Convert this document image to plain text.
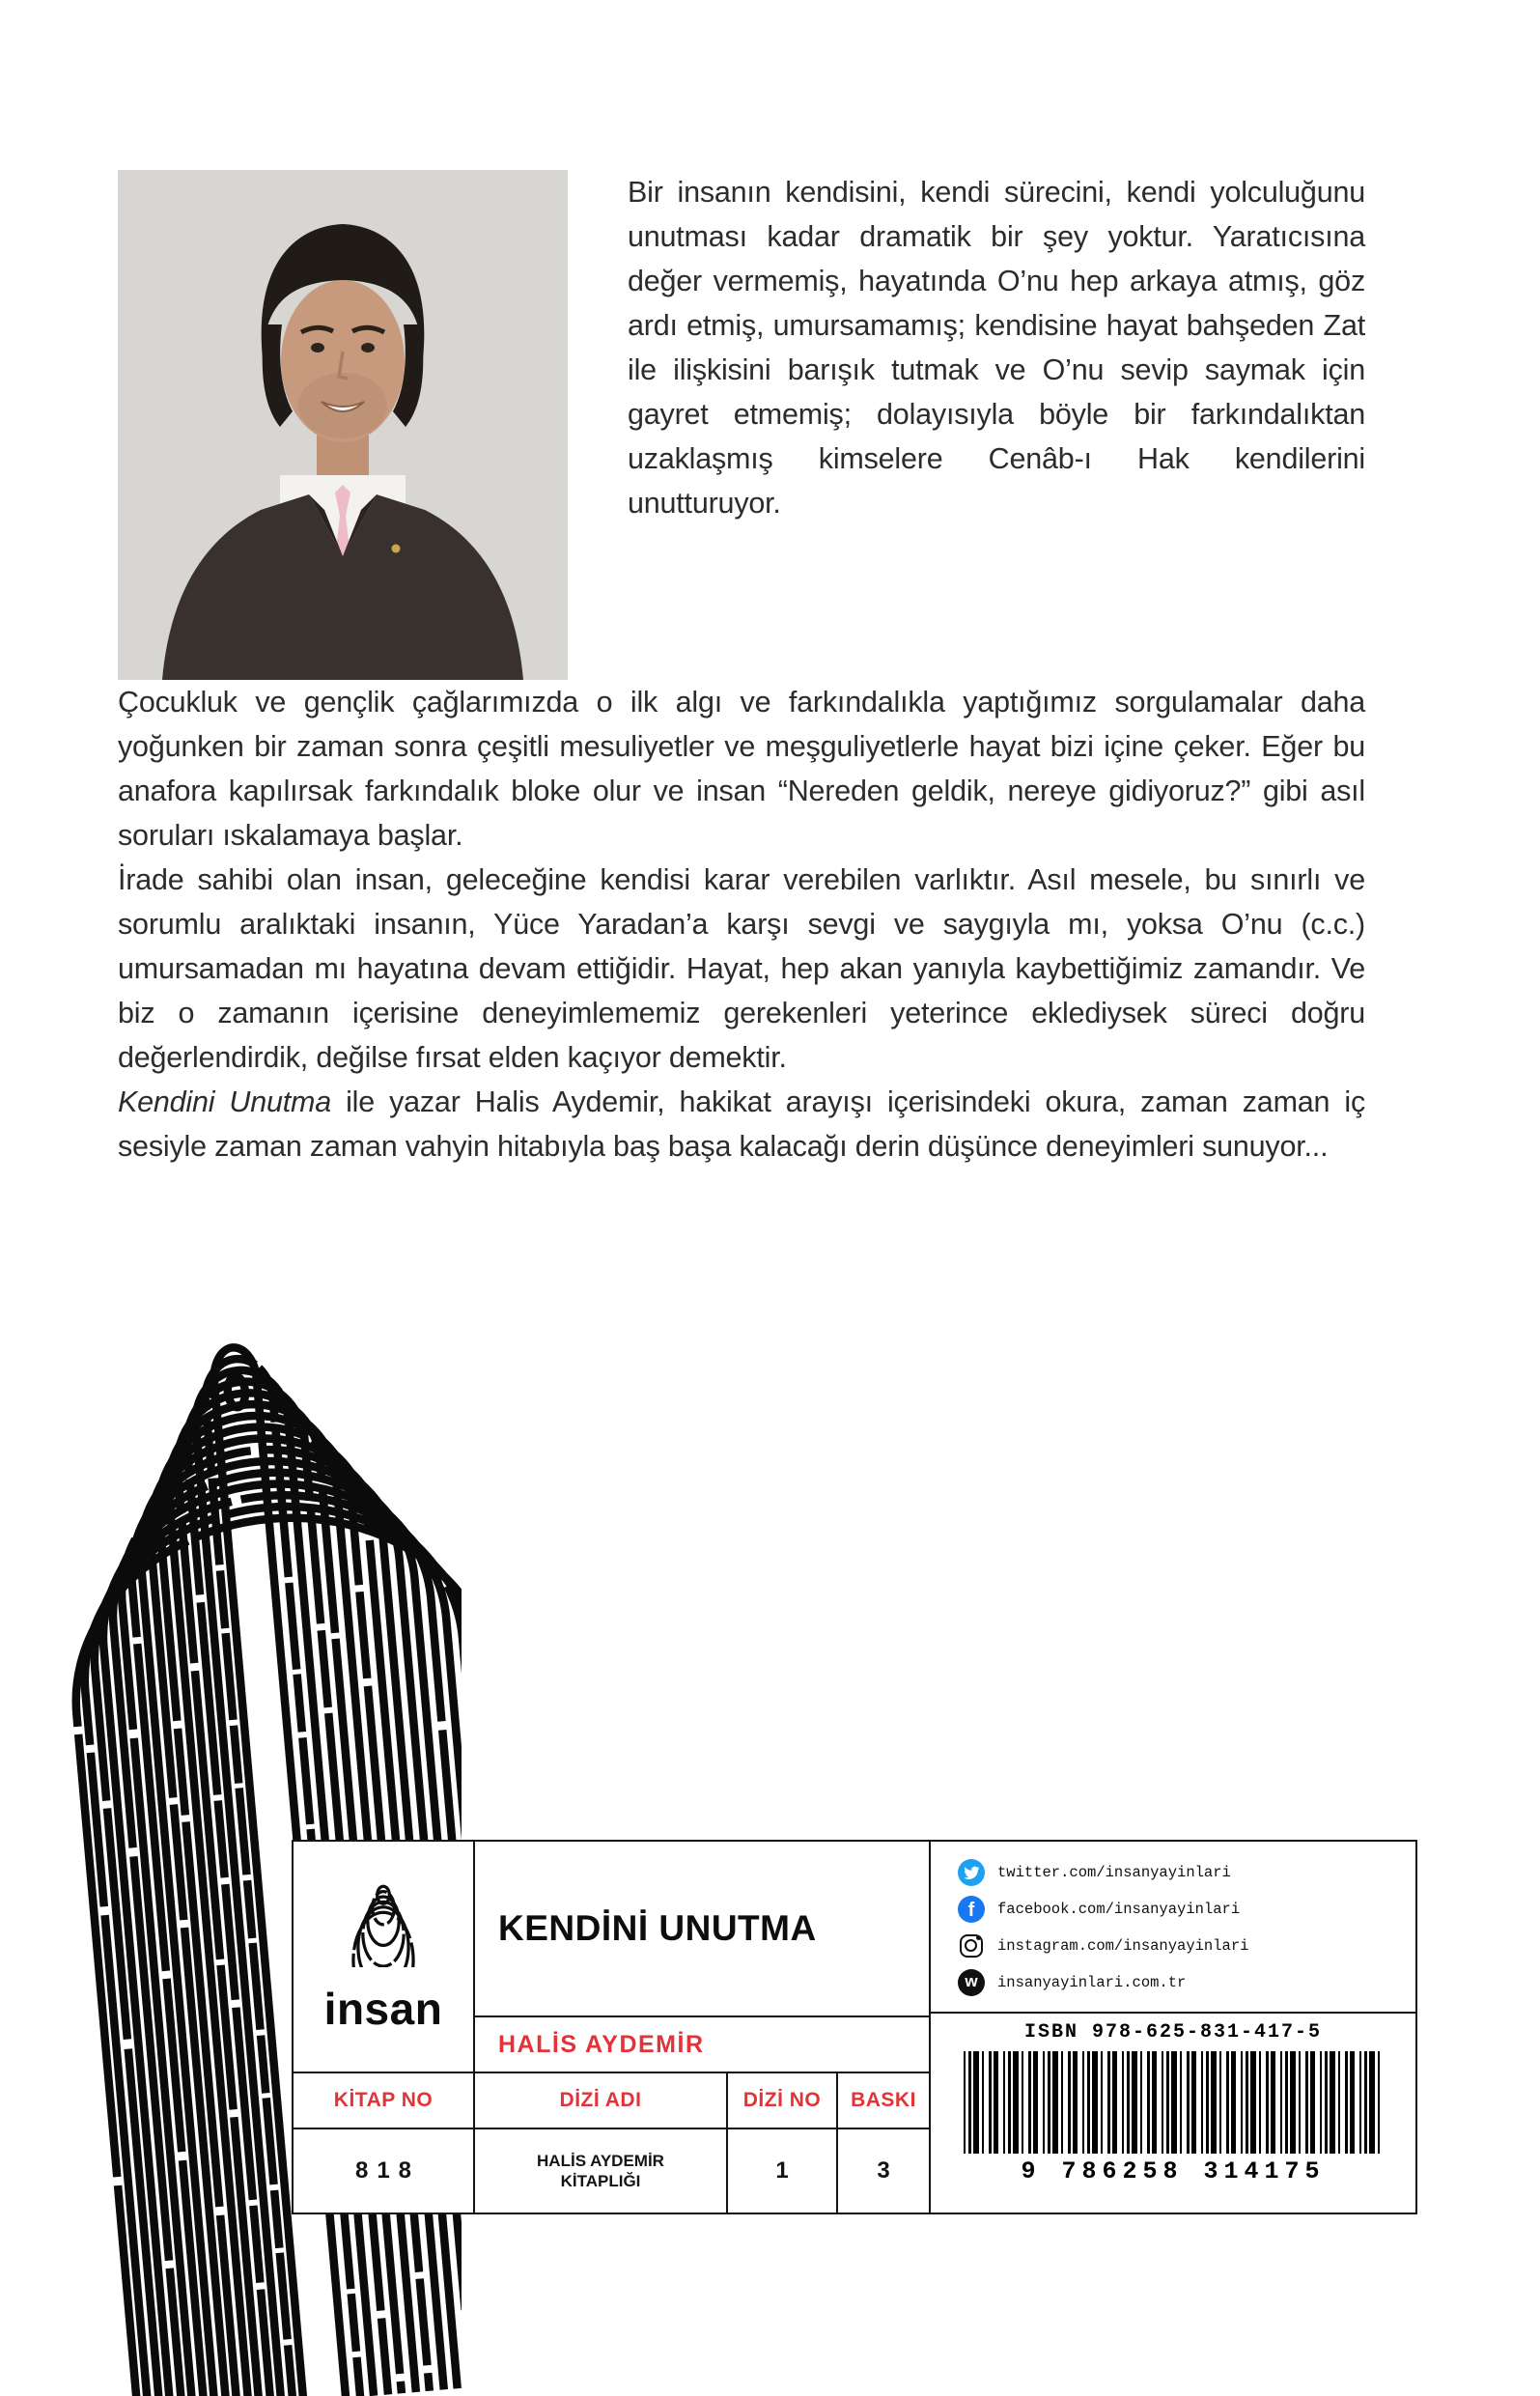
Bir insanın kendisini, kendi sürecini, kendi yolculuğunu unutması kadar dramatik bir şey yoktur. Yaratıcısına değer vermemiş, hayatında O’nu hep arkaya atmış, göz ardı etmiş, umursamamış; kendisine hayat bahşeden Zat ile ilişkisini barışık tutmak ve O’nu sevip saymak için gayret etmemiş; dolayısıyla böyle bir farkındalıktan uzaklaşmış kimselere Cenâb-ı Hak kendilerini unutturuyor.

Çocukluk ve gençlik çağlarımızda o ilk algı ve farkındalıkla yaptığımız sorgulamalar daha yoğunken bir zaman sonra çeşitli mesuliyetler ve meşguliyetlerle hayat bizi içine çeker. Eğer bu anafora kapılırsak farkındalık bloke olur ve insan “Nereden geldik, nereye gidiyoruz?” gibi asıl soruları ıskalamaya başlar.

İrade sahibi olan insan, geleceğine kendisi karar verebilen varlıktır. Asıl mesele, bu sınırlı ve sorumlu aralıktaki insanın, Yüce Yaradan’a karşı sevgi ve saygıyla mı, yoksa O’nu (c.c.) umursamadan mı hayatına devam ettiğidir. Hayat, hep akan yanıyla kaybettiğimiz zamandır. Ve biz o zamanın içerisine deneyimlememiz gerekenleri yeterince eklediysek süreci doğru değerlendirdik, değilse fırsat elden kaçıyor demektir.

Kendini Unutma ile yazar Halis Aydemir, hakikat arayışı içerisindeki okura, zaman zaman iç sesiyle zaman zaman vahyin hitabıyla baş başa kalacağı derin düşünce deneyimleri sunuyor...

insan
KENDİNİ UNUTMA
HALİS AYDEMİR
KİTAP NO	DİZİ ADI	DİZİ NO	BASKI
818	HALİS AYDEMİR KİTAPLIĞI	1	3
twitter.com/insanyayinlari
f
facebook.com/insanyayinlari
instagram.com/insanyayinlari
w
insanyayinlari.com.tr
ISBN 978-625-831-417-5
9 786258 314175
